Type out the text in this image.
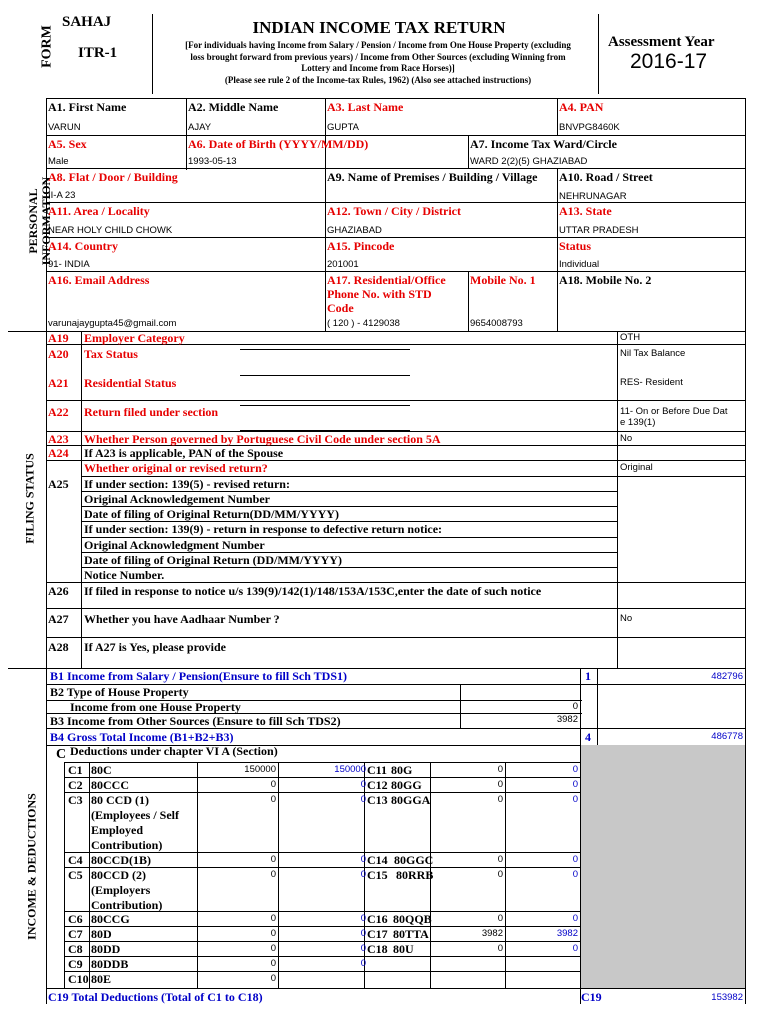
FORM
SAHAJ
ITR-1
INDIAN INCOME TAX RETURN
[For individuals having Income from Salary / Pension / Income from One House Property (excluding
loss brought forward from previous years) / Income from Other Sources (excluding Winning from
Lottery and Income from Race Horses)]
(Please see rule 2 of the Income-tax Rules, 1962) (Also see attached instructions)
Assessment Year
2016-17
PERSONAL INFORMATION
FILING STATUS
INCOME & DEDUCTIONS
A1. First Name
VARUN
A2. Middle Name
AJAY
A3. Last Name
GUPTA
A4. PAN
BNVPG8460K
A5. Sex
Male
A6. Date of Birth (YYYY/MM/DD)
1993-05-13
A7. Income Tax Ward/Circle
WARD 2(2)(5) GHAZIABAD
A8. Flat / Door / Building
II-A 23
A9. Name of Premises / Building / Village A10. Road / Street
NEHRUNAGAR
A11. Area / Locality
NEAR HOLY CHILD CHOWK
A12. Town / City / District
GHAZIABAD
A13. State
UTTAR PRADESH
A14. Country
91- INDIA
A15. Pincode
201001
Status
Individual
A16. Email Address
varunajaygupta45@gmail.com
A17. Residential/Office
Phone No. with STD
Code
( 120 ) - 4129038
Mobile No. 1
9654008793
A18. Mobile No. 2
A19 Employer Category	OTH
A20 Tax Status	Nil Tax Balance
A21 Residential Status	RES- Resident
A22 Return filed under section	11- On or Before Due Dat
e 139(1)
A23 Whether Person governed by Portuguese Civil Code under section 5A	No
A24 If A23 is applicable, PAN of the Spouse
Whether original or revised return?	Original
A25 If under section: 139(5) - revised return:
Original Acknowledgement Number
Date of filing of Original Return(DD/MM/YYYY)
If under section: 139(9) - return in response to defective return notice:
Original Acknowledgment Number
Date of filing of Original Return (DD/MM/YYYY)
Notice Number.
A26 If filed in response to notice u/s 139(9)/142(1)/148/153A/153C,enter the date of such notice
A27 Whether you have Aadhaar Number ?	No
A28 If A27 is Yes, please provide
B1 Income from Salary / Pension(Ensure to fill Sch TDS1)	1	482796
B2 Type of House Property
Income from one House Property	0
B3 Income from Other Sources (Ensure to fill Sch TDS2)	3982
B4 Gross Total Income (B1+B2+B3)	4	486778
C Deductions under chapter VI A (Section)
C1 80C	150000	150000
C2 80CCC	0	0
C3 80 CCD (1) (Employees / Self Employed Contribution)
0	0
C4 80CCD(1B)	0	0
C5 80CCD (2) (Employers Contribution)
0	0
C6 80CCG	0	0
C7 80D	0	0
C8 80DD	0	0
C9 80DDB	0	0
C10 80E	0
C11 80G	0	0
C12 80GG	0	0
C13 80GGA	0	0
C14 80GGC	0	0
C15 80RRB	0	0
C16 80QQB	0	0
C17 80TTA	3982	3982
C18 80U	0	0
C19 Total Deductions (Total of C1 to C18)	C19	153982
